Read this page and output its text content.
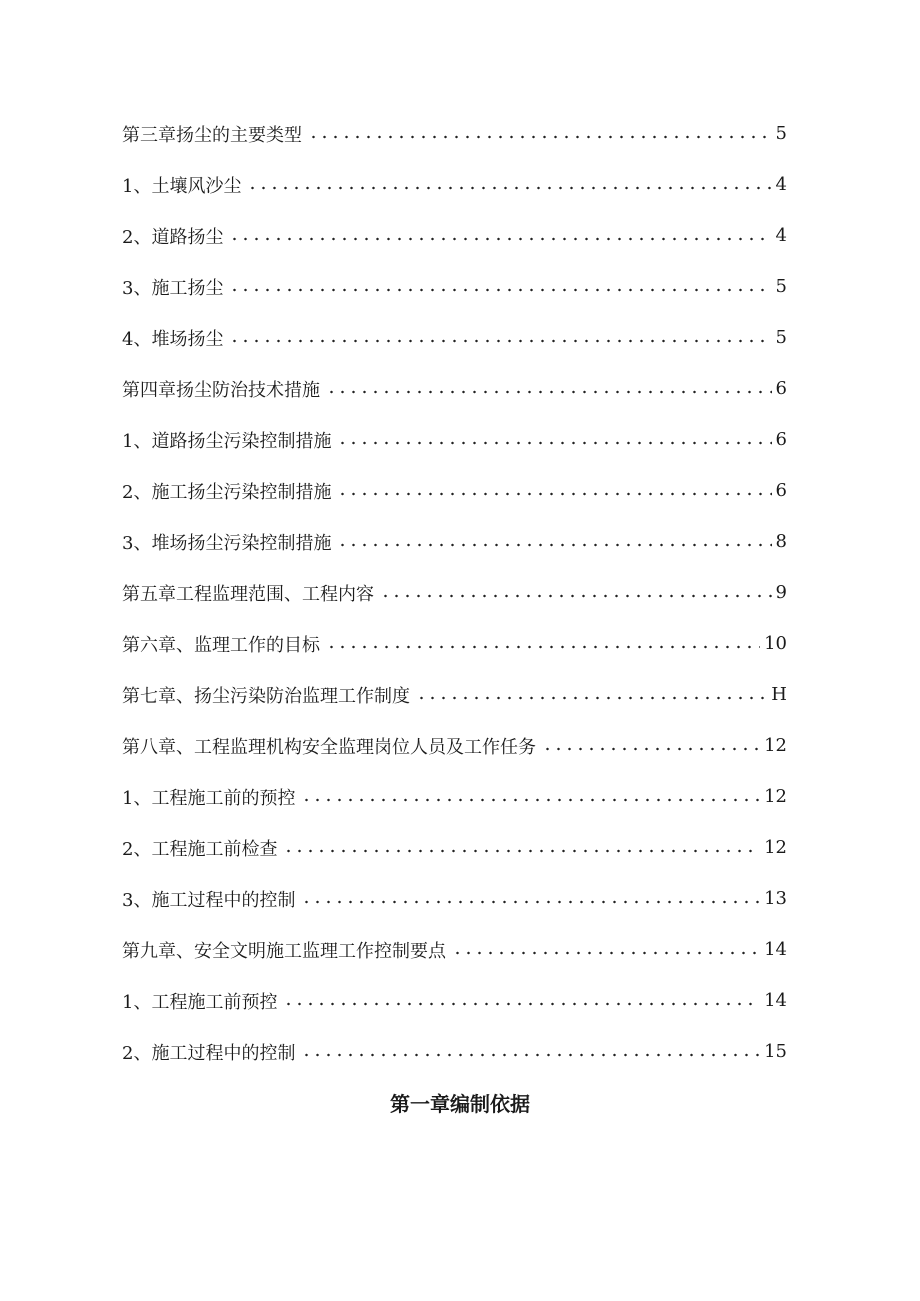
第三章扬尘的主要类型	5
1、土壤风沙尘	4
2、道路扬尘	4
3、施工扬尘	5
4、堆场扬尘	5
第四章扬尘防治技术措施	6
1、道路扬尘污染控制措施	6
2、施工扬尘污染控制措施	6
3、堆场扬尘污染控制措施	8
第五章工程监理范围、工程内容	9
第六章、监理工作的目标	10
第七章、扬尘污染防治监理工作制度	H
第八章、工程监理机构安全监理岗位人员及工作任务	12
1、工程施工前的预控	12
2、工程施工前检查	12
3、施工过程中的控制	13
第九章、安全文明施工监理工作控制要点	14
1、工程施工前预控	14
2、施工过程中的控制	15
第一章编制依据
